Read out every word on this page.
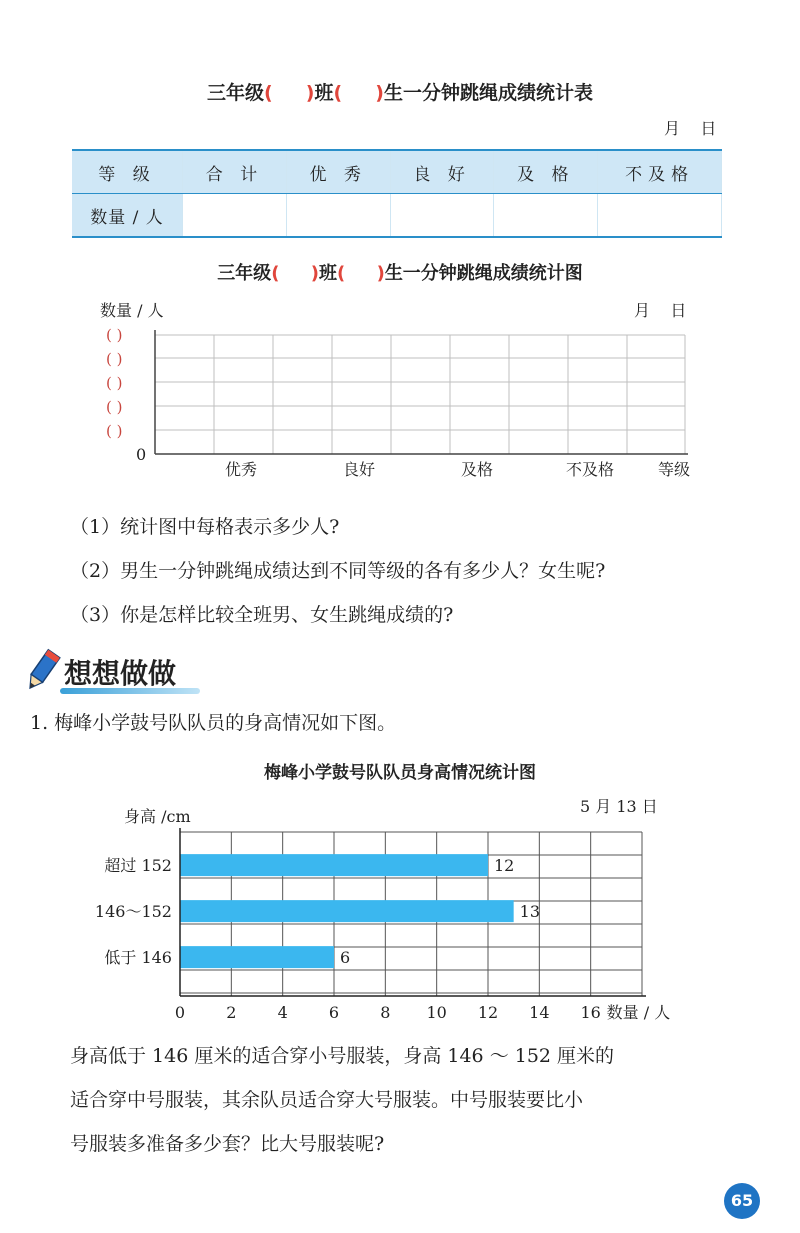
三年级( )班( )生一分钟跳绳成绩统计表
月 日
等 级	合 计	优 秀	良 好	及 格	不及格
数量 / 人					
三年级( )班( )生一分钟跳绳成绩统计图
数量 / 人	月 日
( )
( )
( )
( )
( )
0
优秀	良好	及格	不及格	等级
（1）统计图中每格表示多少人?
（2）男生一分钟跳绳成绩达到不同等级的各有多少人？女生呢?
（3）你是怎样比较全班男、女生跳绳成绩的?
想想做做
1. 梅峰小学鼓号队队员的身高情况如下图。
梅峰小学鼓号队队员身高情况统计图
身高 /cm
5 月 13 日
12
超过 152
13
146～152
6
低于 146
0	2	4	6	8 10 12 14 16 数量 / 人
身高低于 146 厘米的适合穿小号服装，身高 146 ～ 152 厘米的
适合穿中号服装，其余队员适合穿大号服装。中号服装要比小
号服装多准备多少套？比大号服装呢?
65
